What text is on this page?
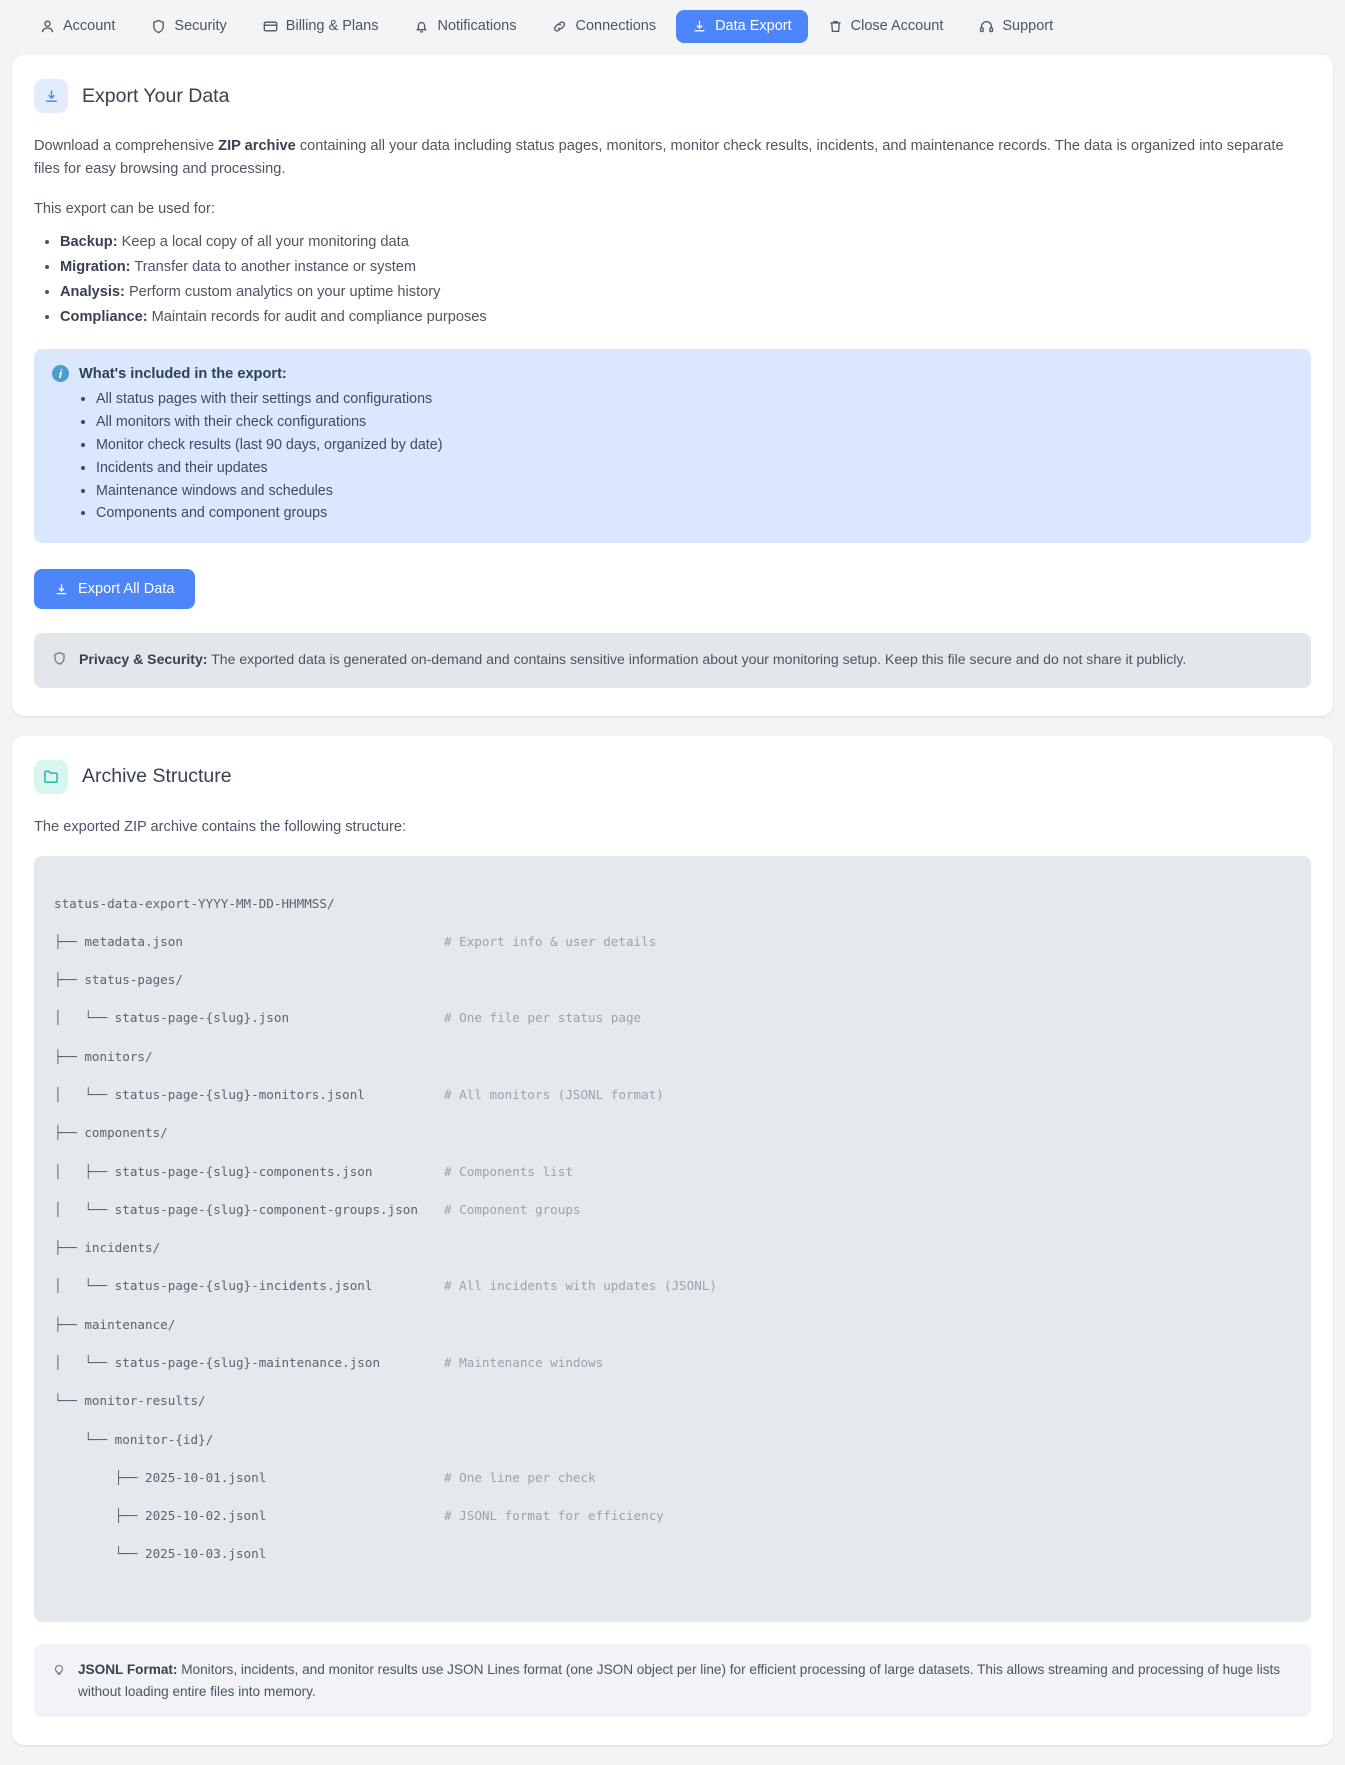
Account	Security	Billing & Plans	Notifications	Connections	Data Export	Close Account	Support
Export Your Data

Download a comprehensive ZIP archive containing all your data including status pages, monitors, monitor check results, incidents, and maintenance records. The data is organized into separate files for easy browsing and processing.

This export can be used for:

• Backup: Keep a local copy of all your monitoring data
• Migration: Transfer data to another instance or system
• Analysis: Perform custom analytics on your uptime history
• Compliance: Maintain records for audit and compliance purposes
i	What's included in the export:
• All status pages with their settings and configurations
• All monitors with their check configurations
• Monitor check results (last 90 days, organized by date)
• Incidents and their updates
• Maintenance windows and schedules
• Components and component groups
Export All Data
Privacy & Security: The exported data is generated on-demand and contains sensitive information about your monitoring setup. Keep this file secure and do not share it publicly.
Archive Structure

The exported ZIP archive contains the following structure:

status-data-export-YYYY-MM-DD-HHMMSS/

├── metadata.json	# Export info & user details

├── status-pages/

│   └── status-page-{slug}.json	# One file per status page

├── monitors/

│   └── status-page-{slug}-monitors.jsonl	# All monitors (JSONL format)

├── components/

│   ├── status-page-{slug}-components.json	# Components list

│   └── status-page-{slug}-component-groups.json # Component groups

├── incidents/

│   └── status-page-{slug}-incidents.jsonl	# All incidents with updates (JSONL)

├── maintenance/

│   └── status-page-{slug}-maintenance.json	# Maintenance windows

└── monitor-results/

└── monitor-{id}/

├── 2025-10-01.jsonl	# One line per check

├── 2025-10-02.jsonl	# JSONL format for efficiency

└── 2025-10-03.jsonl

JSONL Format: Monitors, incidents, and monitor results use JSON Lines format (one JSON object per line) for efficient processing of large datasets. This allows streaming and processing of huge lists without loading entire files into memory.
